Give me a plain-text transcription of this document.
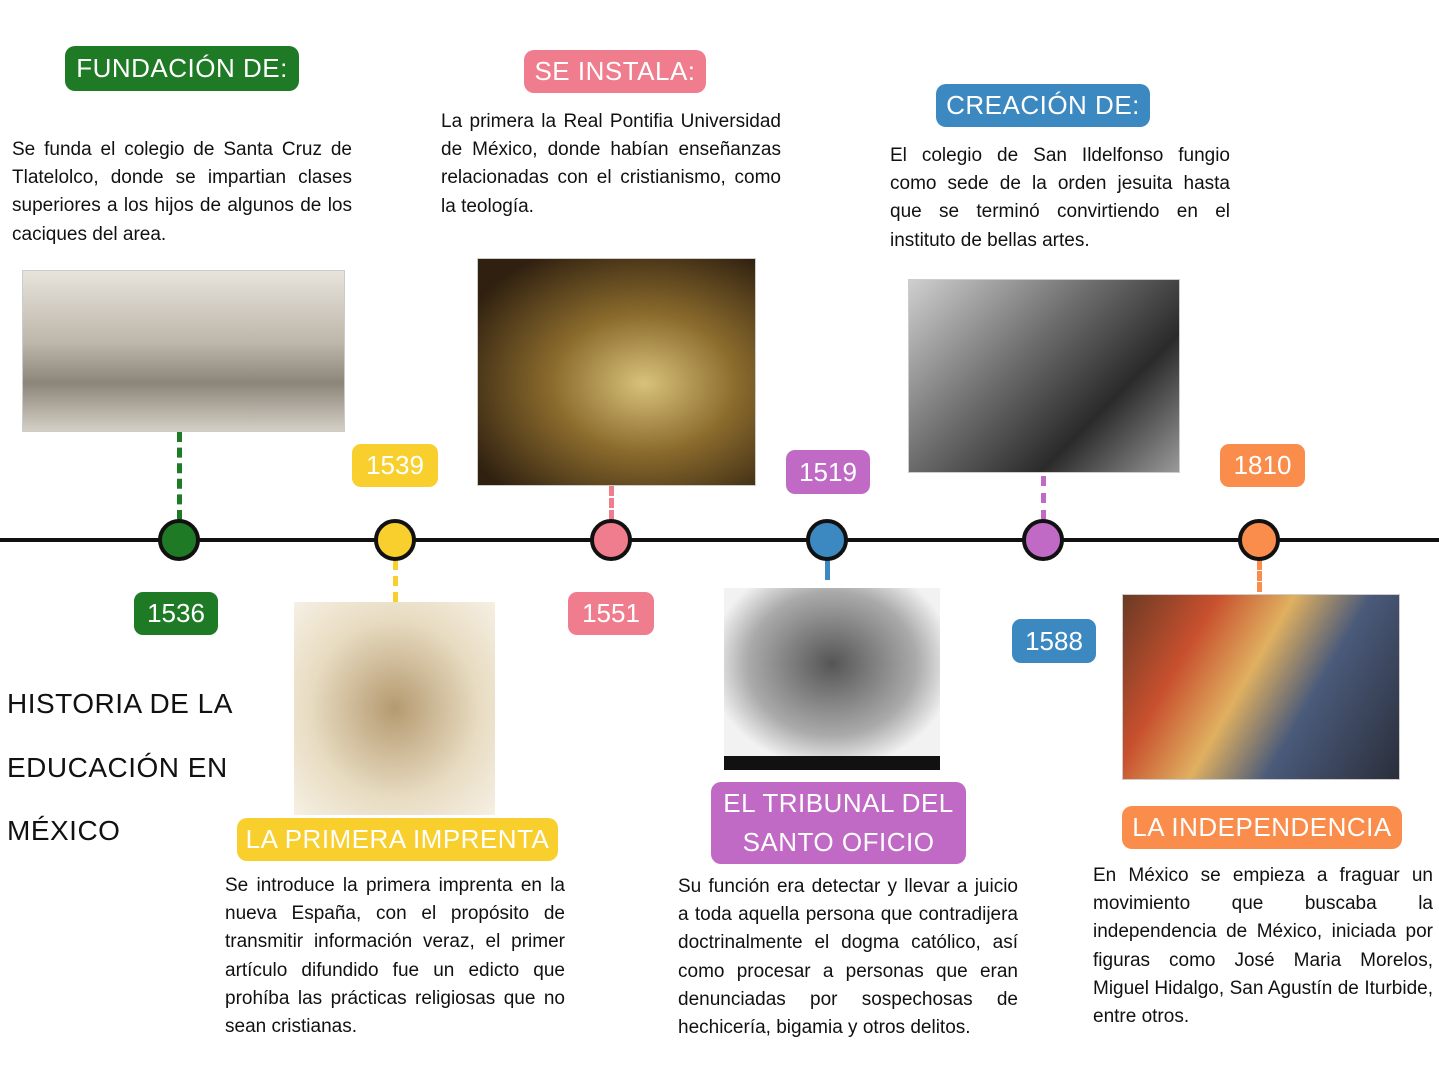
FUNDACIÓN DE:	SE INSTALA:
CREACIÓN DE:
LA PRIMERA IMPRENTA
EL TRIBUNAL DEL
SANTO OFICIO	LA INDEPENDENCIA
1536
1539
1551
1519
1588
1810
HISTORIA DE LA
EDUCACIÓN EN
MÉXICO
Se funda el colegio de Santa Cruz de Tlatelolco, donde se impartian clases superiores a los hijos de algunos de los caciques del area.
La primera la Real Pontifia Universidad de México, donde habían enseñanzas relacionadas con el cristianismo, como la teología.
El colegio de San Ildelfonso fungio como sede de la orden jesuita hasta que se terminó convirtiendo en el instituto de bellas artes.
Se introduce la primera imprenta en la nueva España, con el propósito de transmitir información veraz, el primer artículo difundido fue un edicto que prohíba las prácticas religiosas que no sean cristianas.
Su función era detectar y llevar a juicio a toda aquella persona que contradijera doctrinalmente el dogma católico, así como procesar a personas que eran denunciadas por sospechosas de hechicería, bigamia y otros delitos.
En México se empieza a fraguar un movimiento que buscaba la independencia de México, iniciada por figuras como José Maria Morelos, Miguel Hidalgo, San Agustín de Iturbide, entre otros.
